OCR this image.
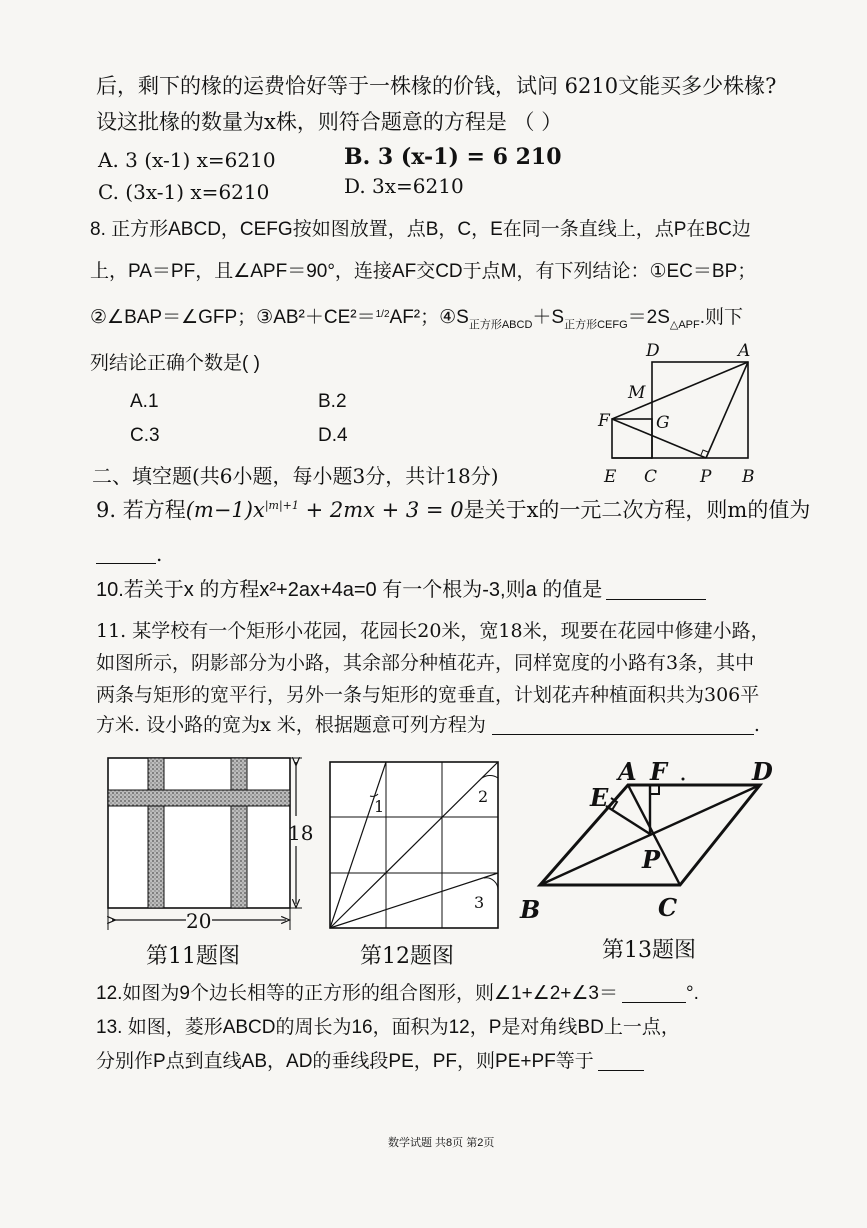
后，剩下的椽的运费恰好等于一株椽的价钱，试问 6210文能买多少株椽?
设这批椽的数量为x株，则符合题意的方程是 （ ）
A. 3 (x-1) x=6210	B. 3 (x-1) = 6 210
C. (3x-1) x=6210	D. 3x=6210
8. 正方形ABCD，CEFG按如图放置，点B，C，E在同一条直线上，点P在BC边
上，PA＝PF，且∠APF＝90°，连接AF交CD于点M，有下列结论：①EC＝BP；
②∠BAP＝∠GFP；③AB²＋CE²＝$^{1/2}$AF²；$④S_{正方形ABCD}+S_{正方形CEFG}=2S_{\triangle APF}$.则下
列结论正确个数是( )
A.1	B.2
C.3	D.4
D	A
M
F	G
E C	P B
二、填空题(共6小题，每小题3分，共计18分)
9. 若方程$(m-1)x^{|m|+1} + 2mx + 3 = 0$是关于x的一元二次方程，则m的值为
.
10.若关于x 的方程x²+2ax+4a=0 有一个根为-3,则a 的值是
11. 某学校有一个矩形小花园，花园长20米，宽18米，现要在花园中修建小路，
如图所示，阴影部分为小路，其余部分种植花卉，同样宽度的小路有3条，其中
两条与矩形的宽平行，另外一条与矩形的宽垂直，计划花卉种植面积共为306平
方米. 设小路的宽为x 米，根据题意可列方程为	.
20
18
1
2
3
A F	D
E
P
B	C
第11题图	第12题图	第13题图
12.如图为9个边长相等的正方形的组合图形，则∠1+∠2+∠3＝	°.
13. 如图，菱形ABCD的周长为16，面积为12，P是对角线BD上一点，
分别作P点到直线AB，AD的垂线段PE，PF，则PE+PF等于
数学试题 共8页 第2页
